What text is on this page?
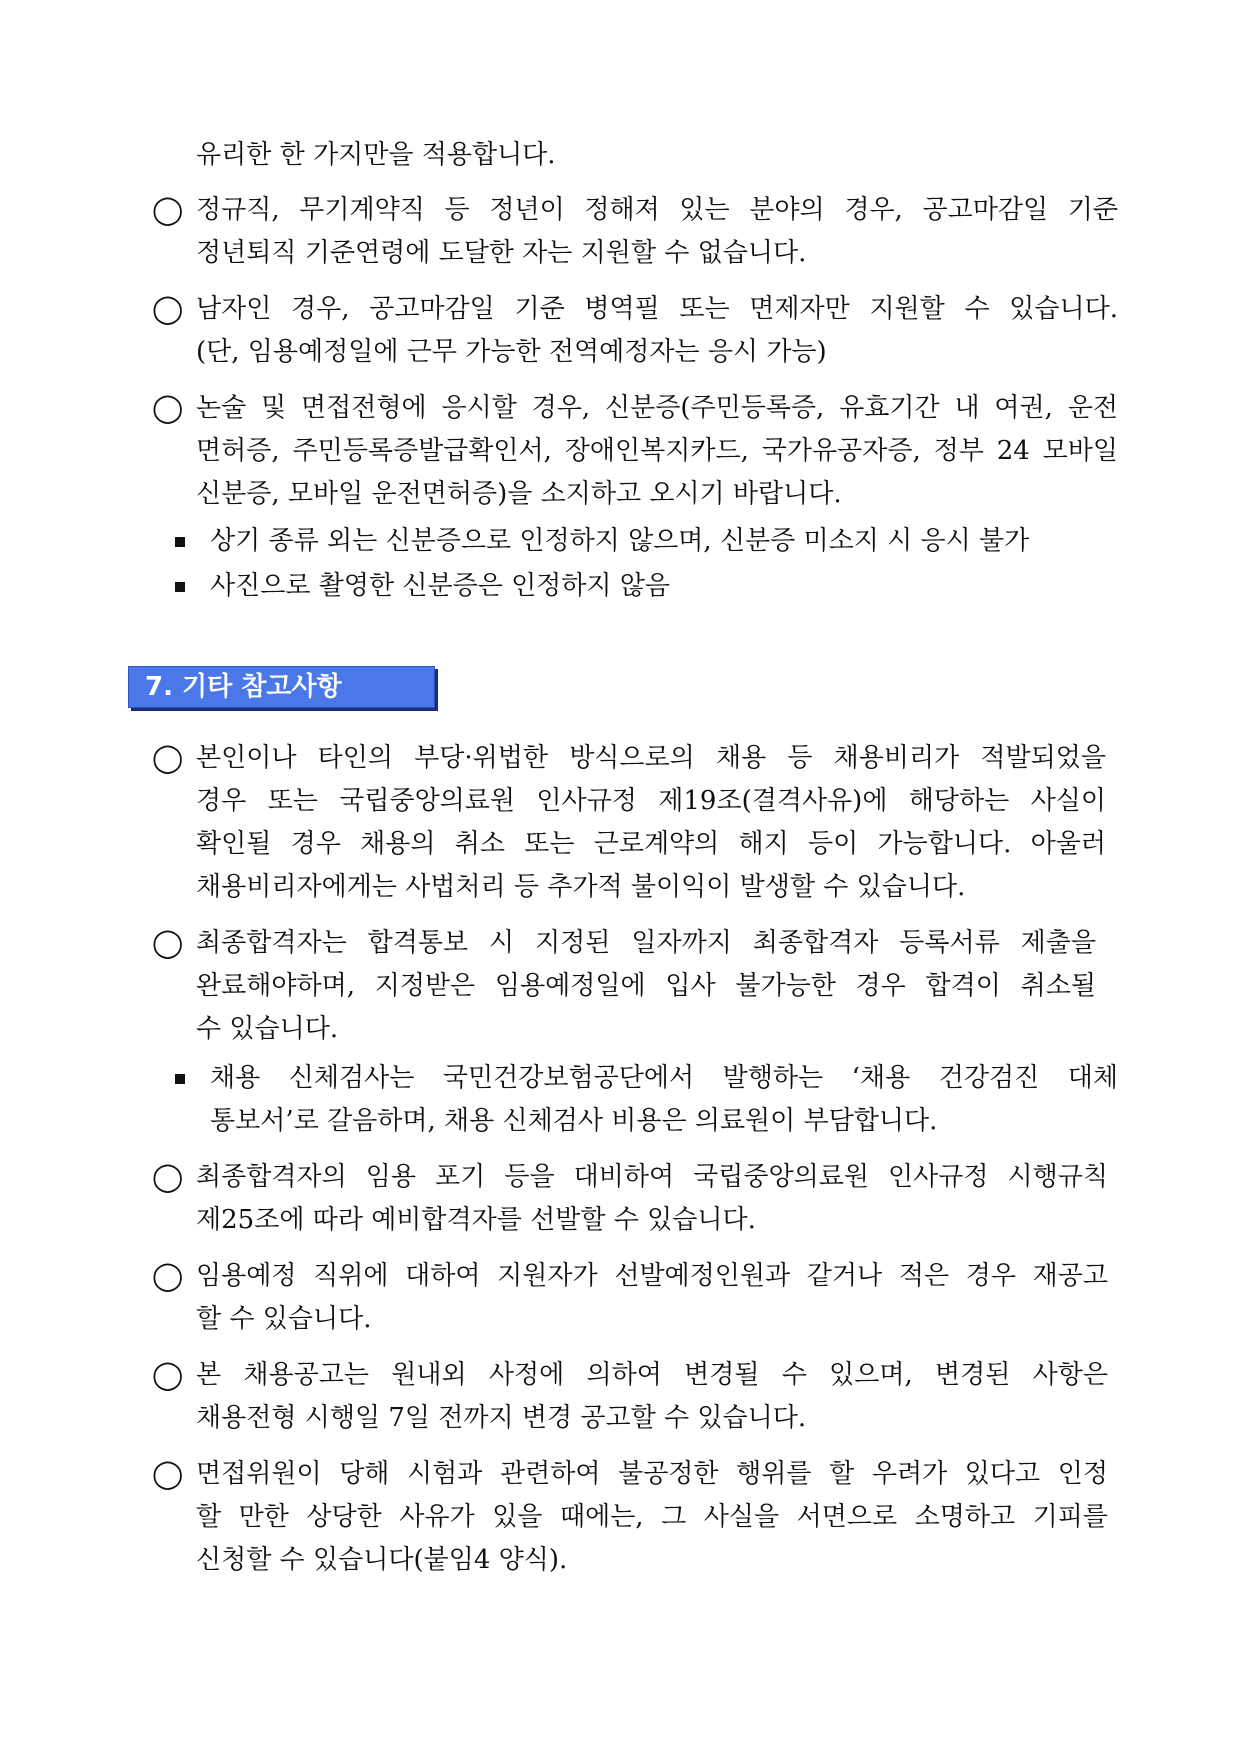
유리한 한 가지만을 적용합니다.
◯ 정규직, 무기계약직 등 정년이 정해져 있는 분야의 경우, 공고마감일 기준
정년퇴직 기준연령에 도달한 자는 지원할 수 없습니다.
◯ 남자인 경우, 공고마감일 기준 병역필 또는 면제자만 지원할 수 있습니다.
(단, 임용예정일에 근무 가능한 전역예정자는 응시 가능)
◯ 논술 및 면접전형에 응시할 경우, 신분증(주민등록증, 유효기간 내 여권, 운전
면허증, 주민등록증발급확인서, 장애인복지카드, 국가유공자증, 정부 24 모바일
신분증, 모바일 운전면허증)을 소지하고 오시기 바랍니다.
상기 종류 외는 신분증으로 인정하지 않으며, 신분증 미소지 시 응시 불가
사진으로 촬영한 신분증은 인정하지 않음
7. 기타 참고사항
◯ 본인이나 타인의 부당·위법한 방식으로의 채용 등 채용비리가 적발되었을
경우 또는 국립중앙의료원 인사규정 제19조(결격사유)에 해당하는 사실이
확인될 경우 채용의 취소 또는 근로계약의 해지 등이 가능합니다. 아울러
채용비리자에게는 사법처리 등 추가적 불이익이 발생할 수 있습니다.
◯ 최종합격자는 합격통보 시 지정된 일자까지 최종합격자 등록서류 제출을
완료해야하며, 지정받은 임용예정일에 입사 불가능한 경우 합격이 취소될
수 있습니다.
채용 신체검사는 국민건강보험공단에서 발행하는 ‘채용 건강검진 대체
통보서’로 갈음하며, 채용 신체검사 비용은 의료원이 부담합니다.
◯ 최종합격자의 임용 포기 등을 대비하여 국립중앙의료원 인사규정 시행규칙
제25조에 따라 예비합격자를 선발할 수 있습니다.
◯ 임용예정 직위에 대하여 지원자가 선발예정인원과 같거나 적은 경우 재공고
할 수 있습니다.
◯ 본 채용공고는 원내외 사정에 의하여 변경될 수 있으며, 변경된 사항은
채용전형 시행일 7일 전까지 변경 공고할 수 있습니다.
◯ 면접위원이 당해 시험과 관련하여 불공정한 행위를 할 우려가 있다고 인정
할 만한 상당한 사유가 있을 때에는, 그 사실을 서면으로 소명하고 기피를
신청할 수 있습니다(붙임4 양식).
